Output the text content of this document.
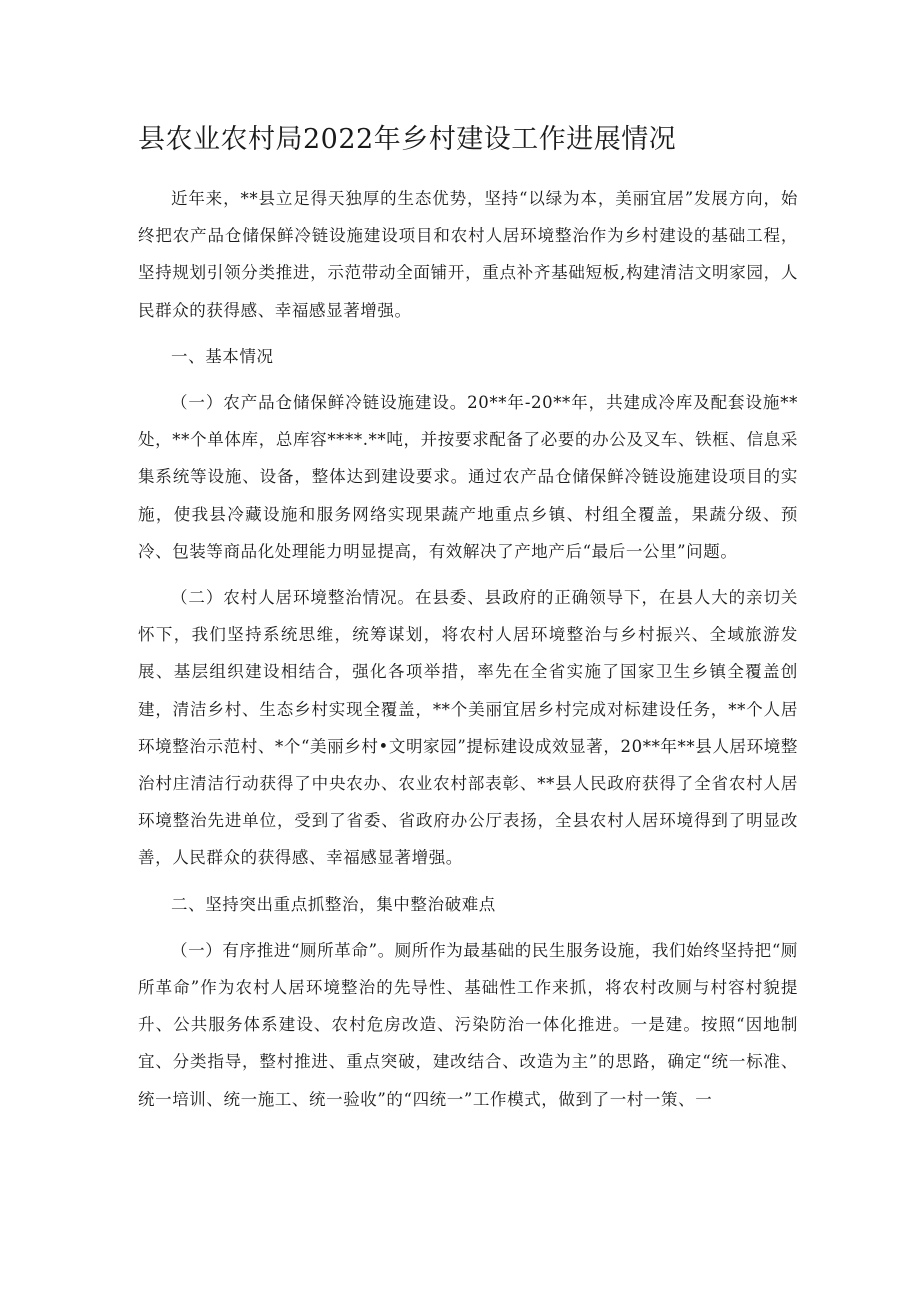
县农业农村局2022年乡村建设工作进展情况

近年来，**县立足得天独厚的生态优势，坚持“以绿为本，美丽宜居”发展方向，始终把农产品仓储保鲜冷链设施建设项目和农村人居环境整治作为乡村建设的基础工程，坚持规划引领分类推进，示范带动全面铺开，重点补齐基础短板,构建清洁文明家园，人民群众的获得感、幸福感显著增强。

一、基本情况

（一）农产品仓储保鲜冷链设施建设。20**年-20**年，共建成冷库及配套设施**处，**个单体库，总库容****.**吨，并按要求配备了必要的办公及叉车、铁框、信息采集系统等设施、设备，整体达到建设要求。通过农产品仓储保鲜冷链设施建设项目的实施，使我县冷藏设施和服务网络实现果蔬产地重点乡镇、村组全覆盖，果蔬分级、预冷、包装等商品化处理能力明显提高，有效解决了产地产后“最后一公里”问题。

（二）农村人居环境整治情况。在县委、县政府的正确领导下，在县人大的亲切关怀下，我们坚持系统思维，统筹谋划，将农村人居环境整治与乡村振兴、全域旅游发展、基层组织建设相结合，强化各项举措，率先在全省实施了国家卫生乡镇全覆盖创建，清洁乡村、生态乡村实现全覆盖，**个美丽宜居乡村完成对标建设任务，**个人居环境整治示范村、*个“美丽乡村•文明家园”提标建设成效显著，20**年**县人居环境整治村庄清洁行动获得了中央农办、农业农村部表彰、**县人民政府获得了全省农村人居环境整治先进单位，受到了省委、省政府办公厅表扬，全县农村人居环境得到了明显改善，人民群众的获得感、幸福感显著增强。

二、坚持突出重点抓整治，集中整治破难点

（一）有序推进“厕所革命”。厕所作为最基础的民生服务设施，我们始终坚持把“厕所革命”作为农村人居环境整治的先导性、基础性工作来抓，将农村改厕与村容村貌提升、公共服务体系建设、农村危房改造、污染防治一体化推进。一是建。按照“因地制宜、分类指导，整村推进、重点突破，建改结合、改造为主”的思路，确定“统一标准、统一培训、统一施工、统一验收”的“四统一”工作模式，做到了一村一策、一
